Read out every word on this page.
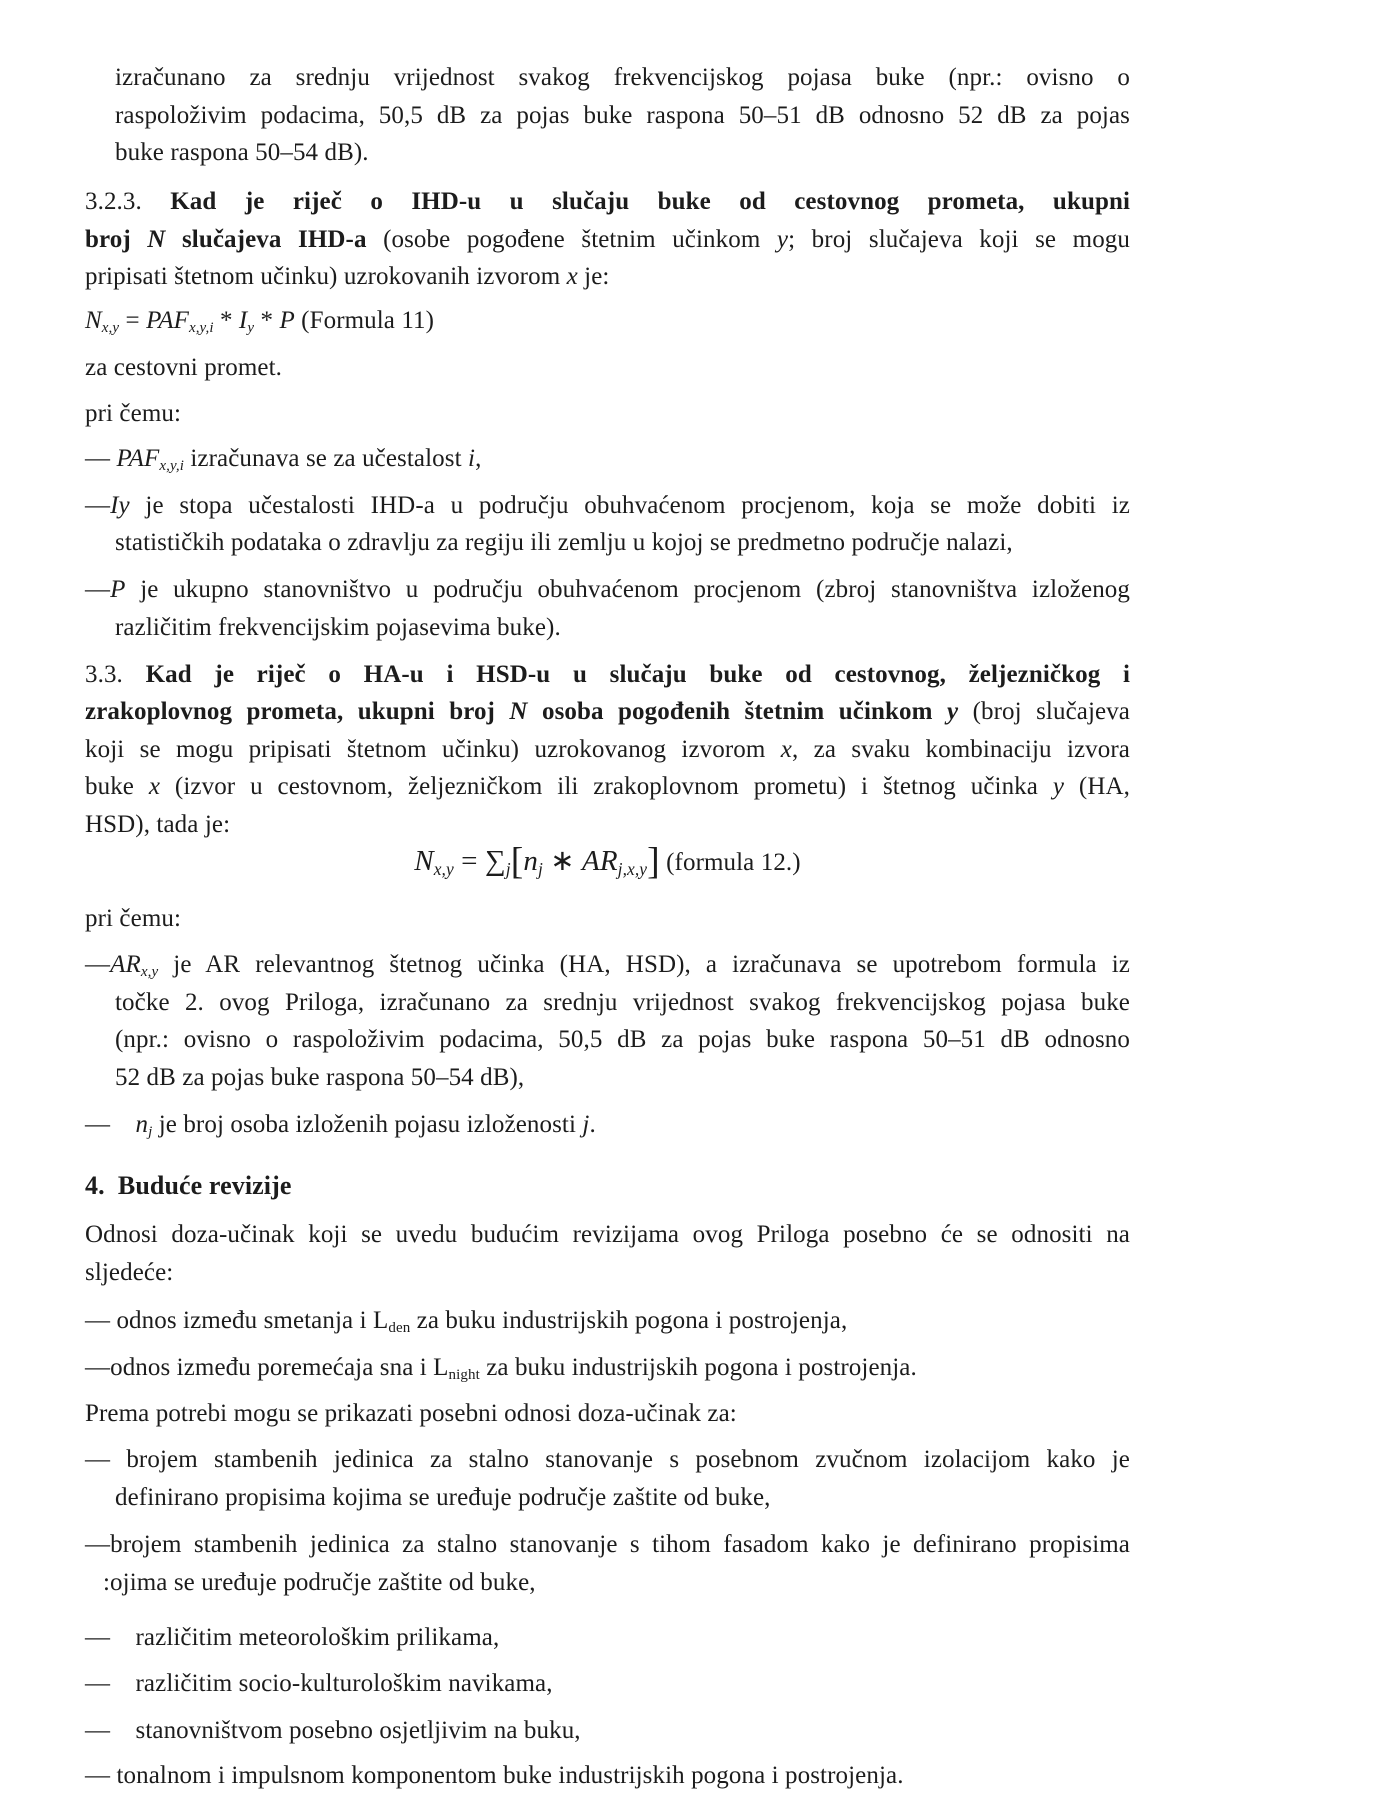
izračunano za srednju vrijednost svakog frekvencijskog pojasa buke (npr.: ovisno o
raspoloživim podacima, 50,5 dB za pojas buke raspona 50–51 dB odnosno 52 dB za pojas
buke raspona 50–54 dB).
3.2.3. Kad je riječ o IHD-u u slučaju buke od cestovnog prometa, ukupni
broj N slučajeva IHD-a (osobe pogođene štetnim učinkom y; broj slučajeva koji se mogu
pripisati štetnom učinku) uzrokovanih izvorom x je:
Nx,y = PAFx,y,i * Iy * P (Formula 11)
za cestovni promet.
pri čemu:
— PAFx,y,i izračunava se za učestalost i,
—Iy je stopa učestalosti IHD-a u području obuhvaćenom procjenom, koja se može dobiti iz
statističkih podataka o zdravlju za regiju ili zemlju u kojoj se predmetno područje nalazi,
—P je ukupno stanovništvo u području obuhvaćenom procjenom (zbroj stanovništva izloženog
različitim frekvencijskim pojasevima buke).
3.3. Kad je riječ o HA-u i HSD-u u slučaju buke od cestovnog, željezničkog i
zrakoplovnog prometa, ukupni broj N osoba pogođenih štetnim učinkom y (broj slučajeva
koji se mogu pripisati štetnom učinku) uzrokovanog izvorom x, za svaku kombinaciju izvora
buke x (izvor u cestovnom, željezničkom ili zrakoplovnom prometu) i štetnog učinka y (HA,
HSD), tada je:
Nx,y = ∑j[nj ∗ ARj,x,y] (formula 12.)
pri čemu:
—ARx,y je AR relevantnog štetnog učinka (HA, HSD), a izračunava se upotrebom formula iz
točke 2. ovog Priloga, izračunano za srednju vrijednost svakog frekvencijskog pojasa buke
(npr.: ovisno o raspoloživim podacima, 50,5 dB za pojas buke raspona 50–51 dB odnosno
52 dB za pojas buke raspona 50–54 dB),
—    nj je broj osoba izloženih pojasu izloženosti j.
4.  Buduće revizije
Odnosi doza-učinak koji se uvedu budućim revizijama ovog Priloga posebno će se odnositi na
sljedeće:
— odnos između smetanja i Lden za buku industrijskih pogona i postrojenja,
—odnos između poremećaja sna i Lnight za buku industrijskih pogona i postrojenja.
Prema potrebi mogu se prikazati posebni odnosi doza-učinak za:
— brojem stambenih jedinica za stalno stanovanje s posebnom zvučnom izolacijom kako je
definirano propisima kojima se uređuje područje zaštite od buke,
—brojem stambenih jedinica za stalno stanovanje s tihom fasadom kako je definirano propisima
:ojima se uređuje područje zaštite od buke,
—    različitim meteorološkim prilikama,
—    različitim socio-kulturološkim navikama,
—    stanovništvom posebno osjetljivim na buku,
— tonalnom i impulsnom komponentom buke industrijskih pogona i postrojenja.
